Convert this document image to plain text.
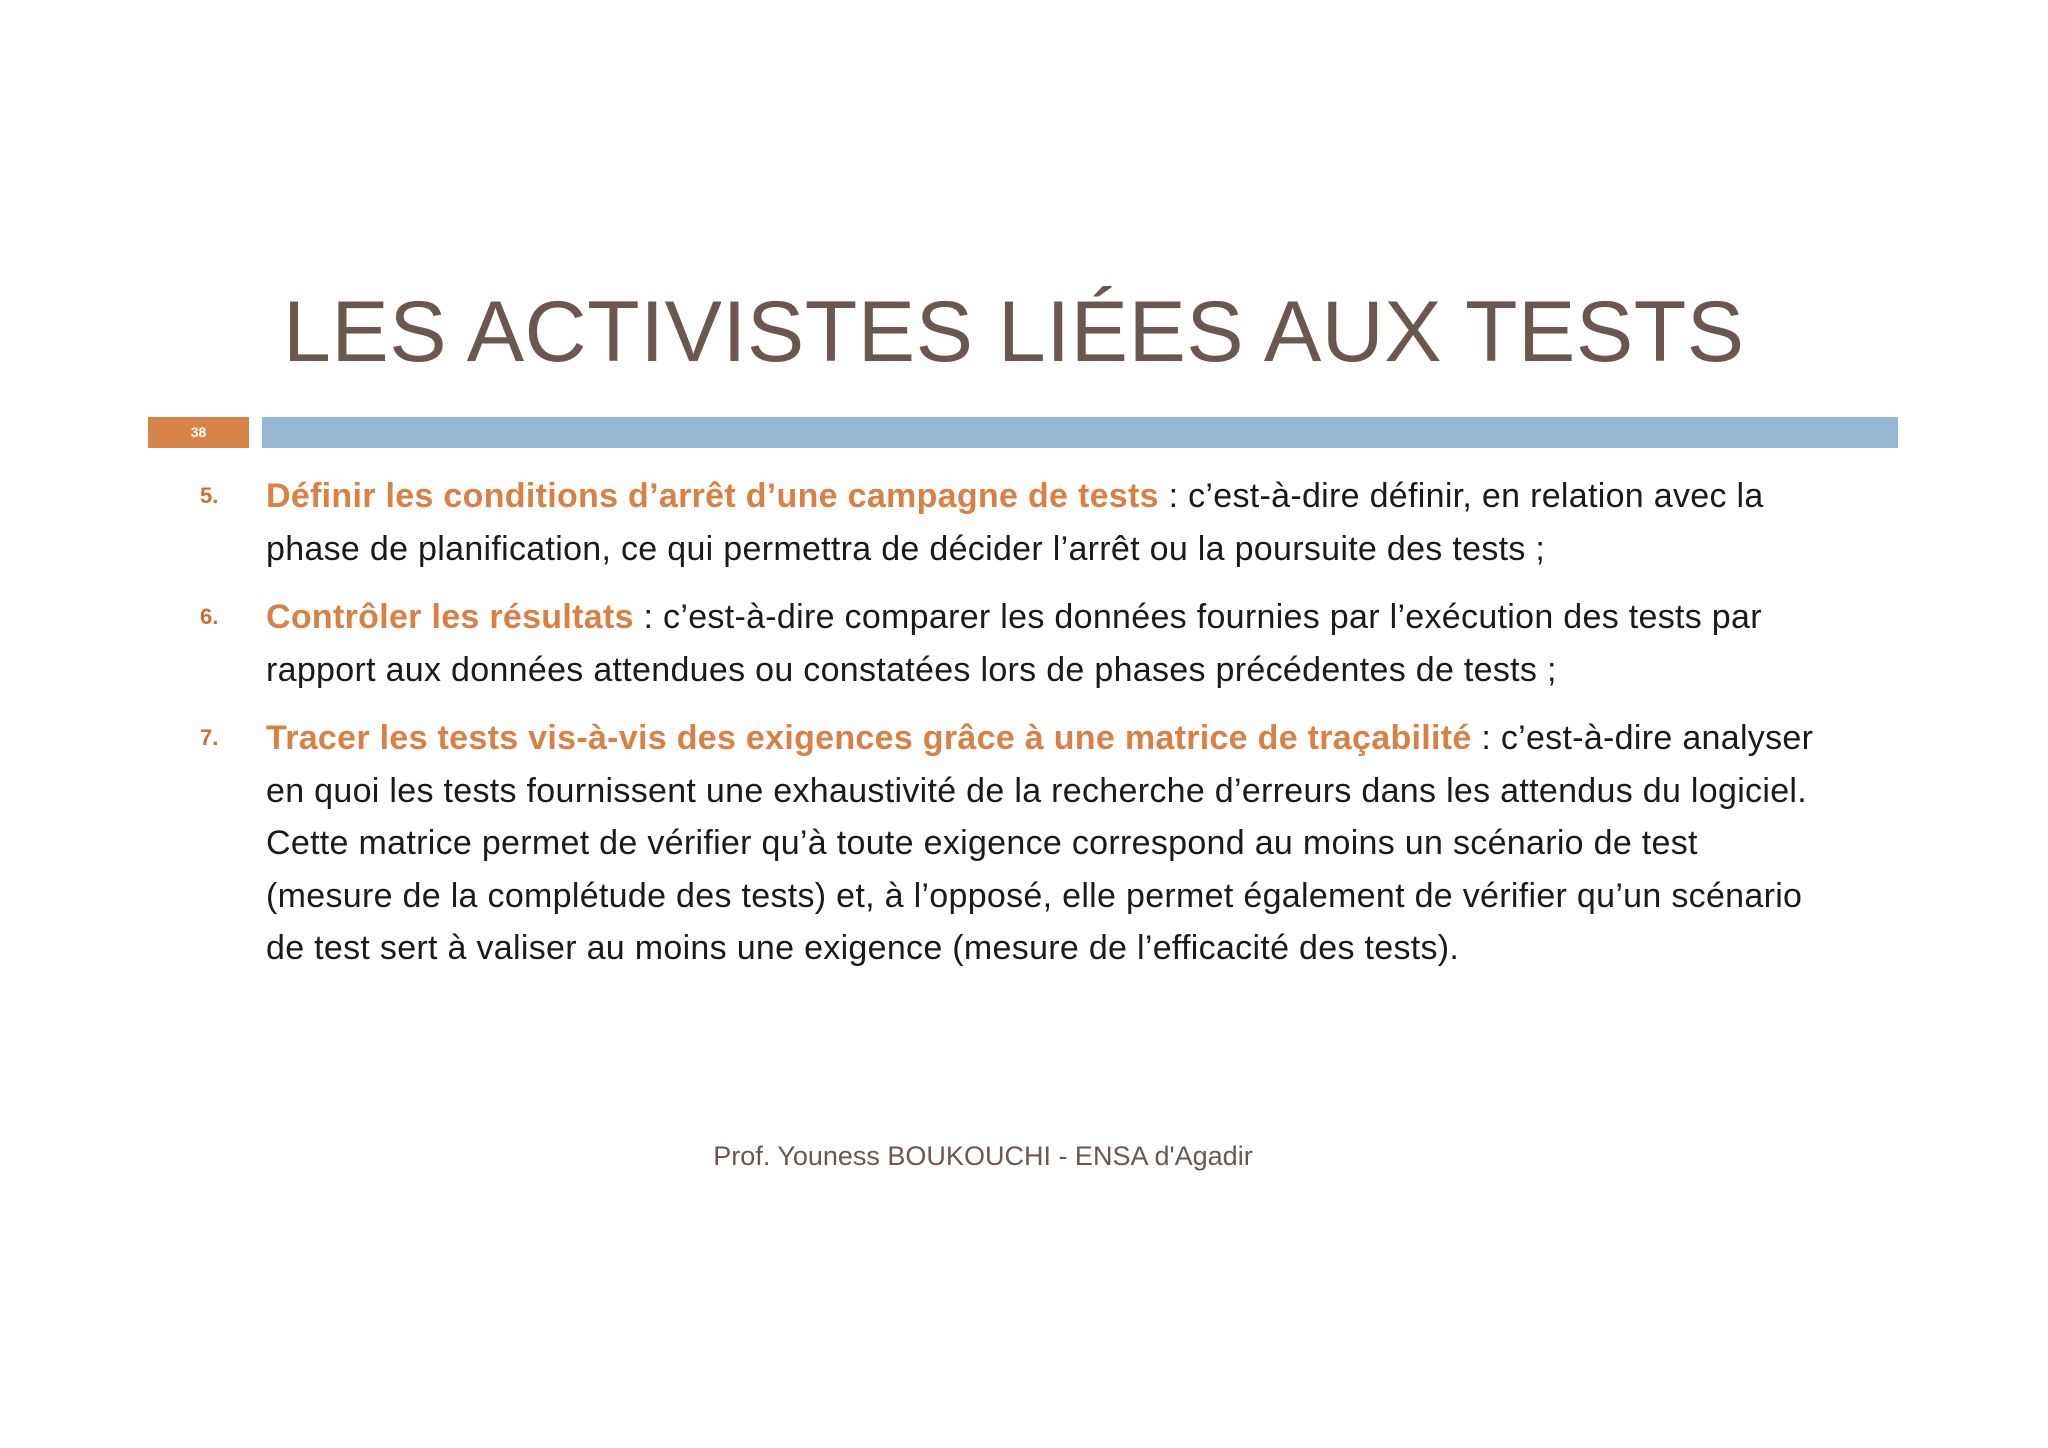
LES ACTIVISTES LIÉES AUX TESTS
38
5. Définir les conditions d’arrêt d’une campagne de tests : c’est-à-dire définir, en relation avec la phase de planification, ce qui permettra de décider l’arrêt ou la poursuite des tests ;
6. Contrôler les résultats : c’est-à-dire comparer les données fournies par l’exécution des tests par rapport aux données attendues ou constatées lors de phases précédentes de tests ;
7. Tracer les tests vis-à-vis des exigences grâce à une matrice de traçabilité : c’est-à-dire analyser en quoi les tests fournissent une exhaustivité de la recherche d’erreurs dans les attendus du logiciel. Cette matrice permet de vérifier qu’à toute exigence correspond au moins un scénario de test (mesure de la complétude des tests) et, à l’opposé, elle permet également de vérifier qu’un scénario de test sert à valiser au moins une exigence (mesure de l’efficacité des tests).
Prof. Youness BOUKOUCHI - ENSA d'Agadir
